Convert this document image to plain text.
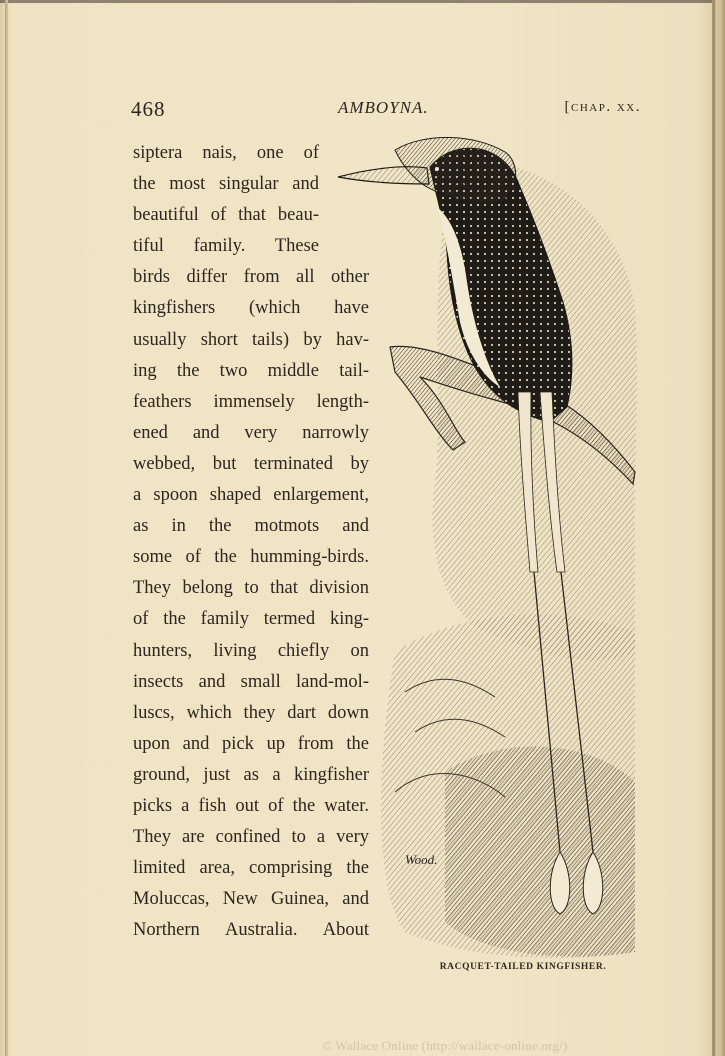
468	AMBOYNA.	[chap. xx.
siptera nais, one of
the most singular and
beautiful of that beau-
tiful family. These
birds differ from all other
kingfishers (which have
usually short tails) by hav-
ing the two middle tail-
feathers immensely length-
ened and very narrowly
webbed, but terminated by
a spoon shaped enlargement,
as in the motmots and
some of the humming-birds.
They belong to that division
of the family termed king-
hunters, living chiefly on
insects and small land-mol-
luscs, which they dart down
upon and pick up from the
ground, just as a kingfisher
picks a fish out of the water.
They are confined to a very
limited area, comprising the
Moluccas, New Guinea, and
Northern Australia. About
Wood.
RACQUET-TAILED KINGFISHER.
© Wallace Online (http://wallace-online.org/)
